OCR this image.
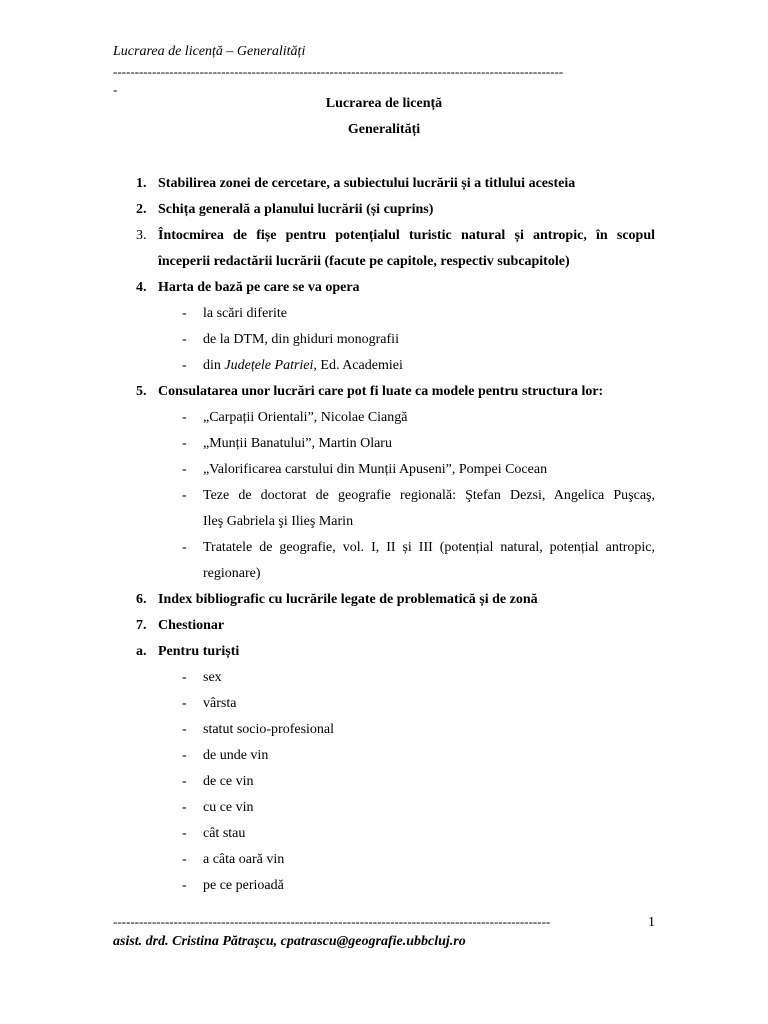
Lucrarea de licență – Generalități
--------------------------------------------------------------------------------------------------------
-
Lucrarea de licență
Generalități
1. Stabilirea zonei de cercetare, a subiectului lucrării și a titlului acesteia
2. Schița generală a planului lucrării (și cuprins)
3. Întocmirea de fișe pentru potențialul turistic natural și antropic, în scopul
începerii redactării lucrării (facute pe capitole, respectiv subcapitole)
4. Harta de bază pe care se va opera
- la scări diferite
- de la DTM, din ghiduri monografii
- din Județele Patriei, Ed. Academiei
5. Consulatarea unor lucrări care pot fi luate ca modele pentru structura lor:
- „Carpații Orientali”, Nicolae Ciangă
- „Munții Banatului”, Martin Olaru
- „Valorificarea carstului din Munții Apuseni”, Pompei Cocean
- Teze de doctorat de geografie regională: Ştefan Dezsi, Angelica Puşcaş,
Ileş Gabriela şi Ilieş Marin
- Tratatele de geografie, vol. I, II și III (potențial natural, potențial antropic,
regionare)
6. Index bibliografic cu lucrările legate de problematică și de zonă
7. Chestionar
a. Pentru turiști
- sex
- vârsta
- statut socio-profesional
- de unde vin
- de ce vin
- cu ce vin
- cât stau
- a câta oară vin
- pe ce perioadă
-----------------------------------------------------------------------------------------------------	1
asist. drd. Cristina Pătraşcu, cpatrascu@geografie.ubbcluj.ro
